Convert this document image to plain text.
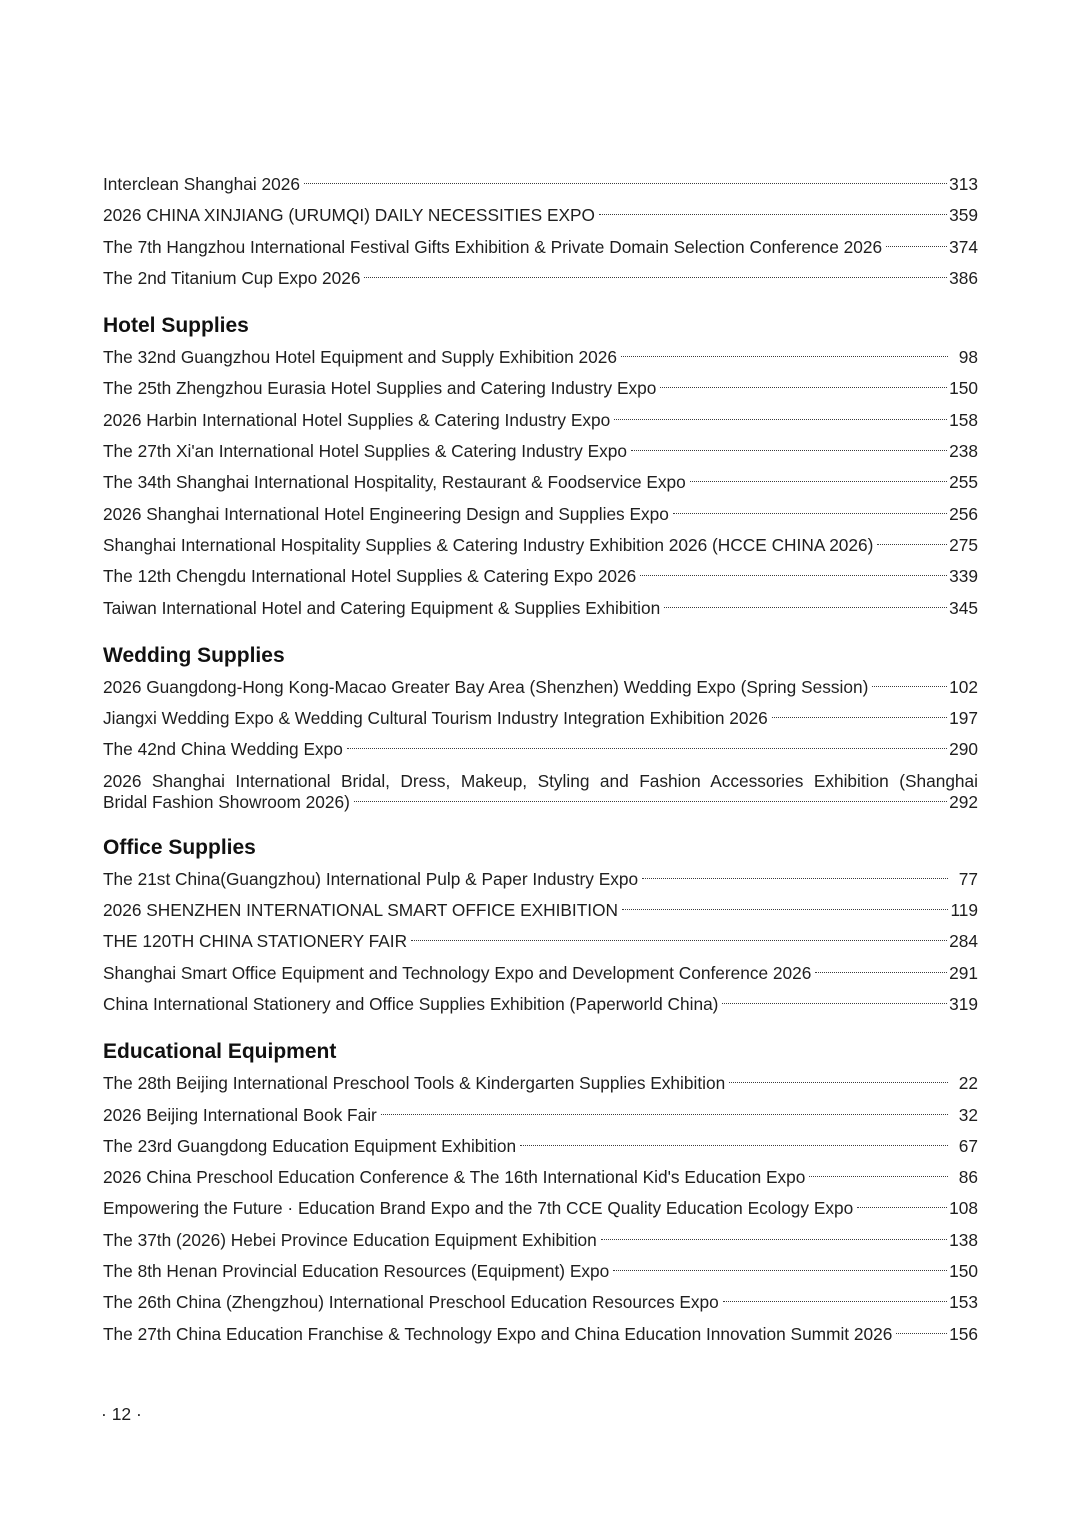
Interclean Shanghai 2026	313
2026 CHINA XINJIANG (URUMQI) DAILY NECESSITIES EXPO	359
The 7th Hangzhou International Festival Gifts Exhibition & Private Domain Selection Conference 2026	374
The 2nd Titanium Cup Expo 2026	386
Hotel Supplies
The 32nd Guangzhou Hotel Equipment and Supply Exhibition 2026	98
The 25th Zhengzhou Eurasia Hotel Supplies and Catering Industry Expo	150
2026 Harbin International Hotel Supplies & Catering Industry Expo	158
The 27th Xi'an International Hotel Supplies & Catering Industry Expo	238
The 34th Shanghai International Hospitality, Restaurant & Foodservice Expo	255
2026 Shanghai International Hotel Engineering Design and Supplies Expo	256
Shanghai International Hospitality Supplies & Catering Industry Exhibition 2026 (HCCE CHINA 2026)	275
The 12th Chengdu International Hotel Supplies & Catering Expo 2026	339
Taiwan International Hotel and Catering Equipment & Supplies Exhibition	345
Wedding Supplies
2026 Guangdong-Hong Kong-Macao Greater Bay Area (Shenzhen) Wedding Expo (Spring Session)	102
Jiangxi Wedding Expo & Wedding Cultural Tourism Industry Integration Exhibition 2026	197
The 42nd China Wedding Expo	290
2026 Shanghai International Bridal, Dress, Makeup, Styling and Fashion Accessories Exhibition (Shanghai
Bridal Fashion Showroom 2026)	292
Office Supplies
The 21st China(Guangzhou) International Pulp & Paper Industry Expo	77
2026 SHENZHEN INTERNATIONAL SMART OFFICE EXHIBITION	119
THE 120TH CHINA STATIONERY FAIR	284
Shanghai Smart Office Equipment and Technology Expo and Development Conference 2026	291
China International Stationery and Office Supplies Exhibition (Paperworld China)	319
Educational Equipment
The 28th Beijing International Preschool Tools & Kindergarten Supplies Exhibition	22
2026 Beijing International Book Fair	32
The 23rd Guangdong Education Equipment Exhibition	67
2026 China Preschool Education Conference & The 16th International Kid's Education Expo	86
Empowering the Future · Education Brand Expo and the 7th CCE Quality Education Ecology Expo	108
The 37th (2026) Hebei Province Education Equipment Exhibition	138
The 8th Henan Provincial Education Resources (Equipment) Expo	150
The 26th China (Zhengzhou) International Preschool Education Resources Expo	153
The 27th China Education Franchise & Technology Expo and China Education Innovation Summit 2026	156
· 12 ·
